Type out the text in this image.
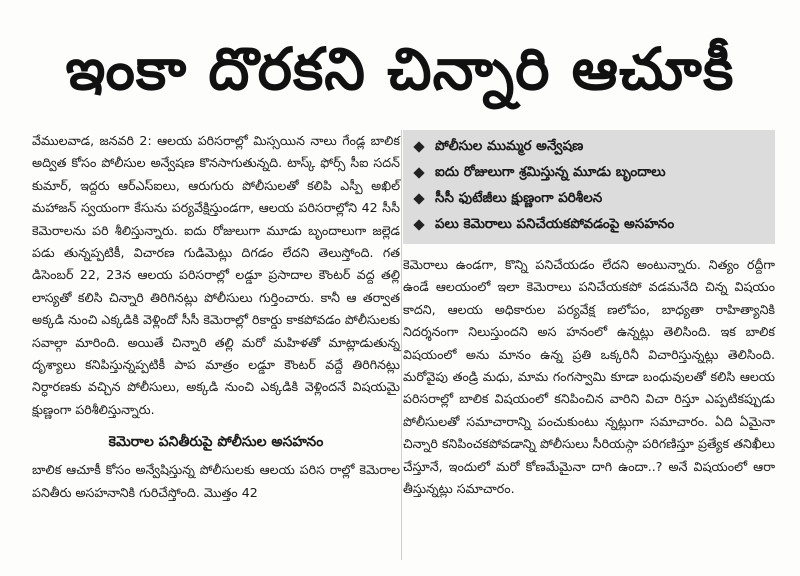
ఇంకా దొరకని చిన్నారి ఆచూకీ

వేములవాడ, జనవరి 2: ఆలయ పరిసరాల్లో మిస్సయిన నాలు గేండ్ల బాలిక అద్విత కోసం పోలీసుల అన్వేషణ కొనసాగుతున్నది. టాస్క్ ఫోర్స్ సీఐ సదన్ కుమార్, ఇద్దరు ఆర్ఎస్ఐలు, ఆరుగురు పోలీసులతో కలిపి ఎస్పీ అఖిల్ మహాజన్ స్వయంగా కేసును పర్యవేక్షిస్తుండగా, ఆలయ పరిసరాల్లోని 42 సీసీ కెమెరాలను పరి శీలిస్తున్నారు. ఐదు రోజులుగా మూడు బృందాలుగా జల్లెడ పడు తున్నప్పటికీ, విచారణ గుడిమెట్లు దిగడం లేదని తెలుస్తోంది. గత డిసెంబర్ 22, 23న ఆలయ పరిసరాల్లో లడ్డూ ప్రసాదాల కౌంటర్ వద్ద తల్లి లాస్యతో కలిసి చిన్నారి తిరిగినట్లు పోలీసులు గుర్తించారు. కానీ ఆ తర్వాత అక్కడి నుంచి ఎక్కడికి వెళ్లిందో సీసీ కెమెరాల్లో రికార్డు కాకపోవడం పోలీసులకు సవాల్గా మారింది. అయితే చిన్నారి తల్లి మరో మహిళతో మాట్లాడుతున్న దృశ్యాలు కనిపిస్తున్నప్పటికీ పాప మాత్రం లడ్డూ కౌంటర్ వద్దే తిరిగినట్లు నిర్ధారణకు వచ్చిన పోలీసులు, అక్కడి నుంచి ఎక్కడికి వెళ్లిందనే విషయమై క్షుణ్ణంగా పరిశీలిస్తున్నారు.

కెమెరాల పనితీరుపై పోలీసుల అసహనం

బాలిక ఆచూకీ కోసం అన్వేషిస్తున్న పోలీసులకు ఆలయ పరిస రాల్లో కెమెరాల పనితీరు అసహనానికి గురిచేస్తోంది. మొత్తం 42

పోలీసుల ముమ్మర అన్వేషణ
ఐదు రోజులుగా శ్రమిస్తున్న మూడు బృందాలు
సీసీ ఫుటేజీలు క్షుణ్ణంగా పరిశీలన
పలు కెమెరాలు పనిచేయకపోవడంపై అసహనం

కెమెరాలు ఉండగా, కొన్ని పనిచేయడం లేదని అంటున్నారు. నిత్యం రద్దీగా ఉండే ఆలయంలో ఇలా కెమెరాలు పనిచేయకపో వడమనేది చిన్న విషయం కాదని, ఆలయ అధికారుల పర్యవేక్ష ణలోపం, బాధ్యతా రాహిత్యానికి నిదర్శనంగా నిలుస్తుందని అస హనంలో ఉన్నట్లు తెలిసింది. ఇక బాలిక విషయంలో అను మానం ఉన్న ప్రతి ఒక్కరినీ విచారిస్తున్నట్లు తెలిసింది. మరోవైపు తండ్రి మధు, మామ గంగస్వామి కూడా బంధువులతో కలిసి ఆలయ పరిసరాల్లో బాలిక విషయంలో కనిపించిన వారిని విచా రిస్తూ ఎప్పటికప్పుడు పోలీసులతో సమాచారాన్ని పంచుకుంటు న్నట్లుగా సమాచారం. ఏది ఏమైనా చిన్నారి కనిపించకపోవడాన్ని పోలీసులు సీరియస్గా పరిగణిస్తూ ప్రత్యేక తనిఖీలు చేస్తూనే, ఇందులో మరో కోణమేమైనా దాగి ఉందా..? అనే విషయంలో ఆరా తీస్తున్నట్లు సమాచారం.
